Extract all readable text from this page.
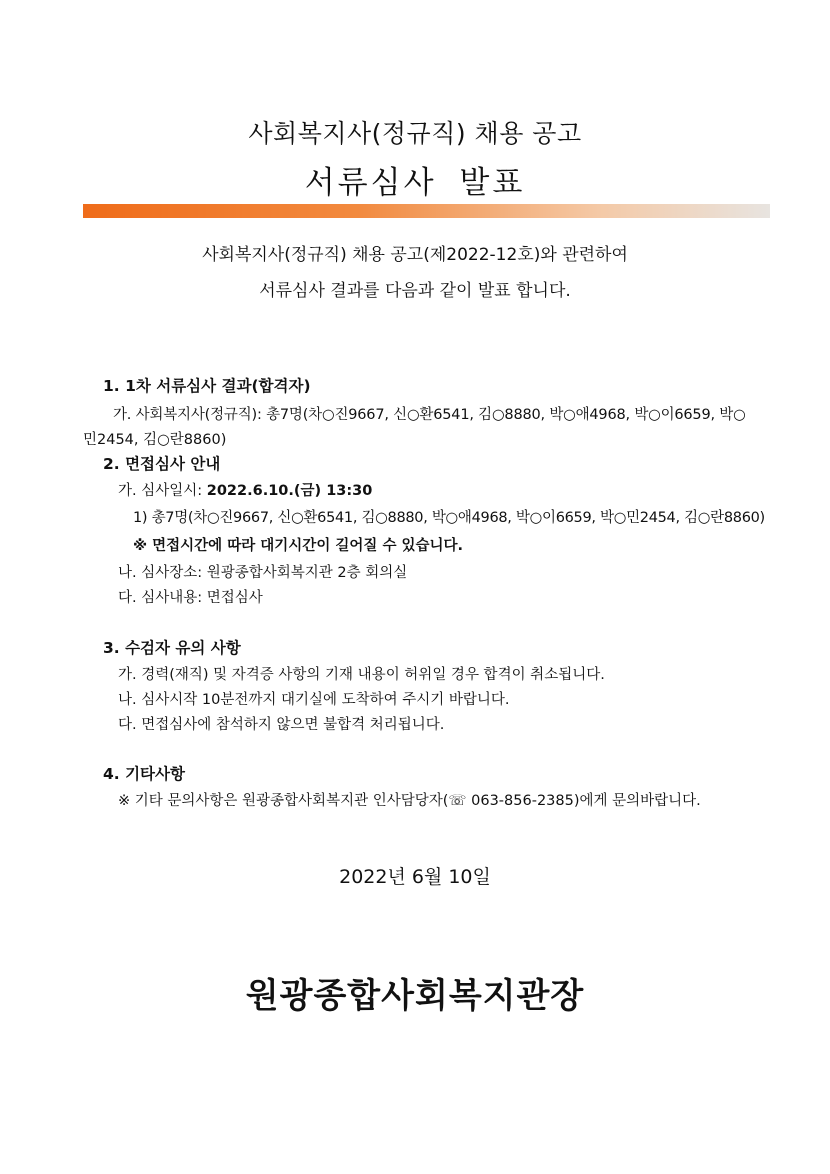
사회복지사(정규직) 채용 공고
서류심사 발표
사회복지사(정규직) 채용 공고(제2022-12호)와 관련하여
서류심사 결과를 다음과 같이 발표 합니다.
1. 1차 서류심사 결과(합격자)
가. 사회복지사(정규직): 총7명(차○진9667, 신○환6541, 김○8880, 박○애4968, 박○이6659, 박○
민2454, 김○란8860)
2. 면접심사 안내
가. 심사일시: 2022.6.10.(금) 13:30
1) 총7명(차○진9667, 신○환6541, 김○8880, 박○애4968, 박○이6659, 박○민2454, 김○란8860)
※ 면접시간에 따라 대기시간이 길어질 수 있습니다.
나. 심사장소: 원광종합사회복지관 2층 회의실
다. 심사내용: 면접심사
3. 수검자 유의 사항
가. 경력(재직) 및 자격증 사항의 기재 내용이 허위일 경우 합격이 취소됩니다.
나. 심사시작 10분전까지 대기실에 도착하여 주시기 바랍니다.
다. 면접심사에 참석하지 않으면 불합격 처리됩니다.
4. 기타사항
※ 기타 문의사항은 원광종합사회복지관 인사담당자(☏ 063-856-2385)에게 문의바랍니다.
2022년 6월 10일
원광종합사회복지관장
